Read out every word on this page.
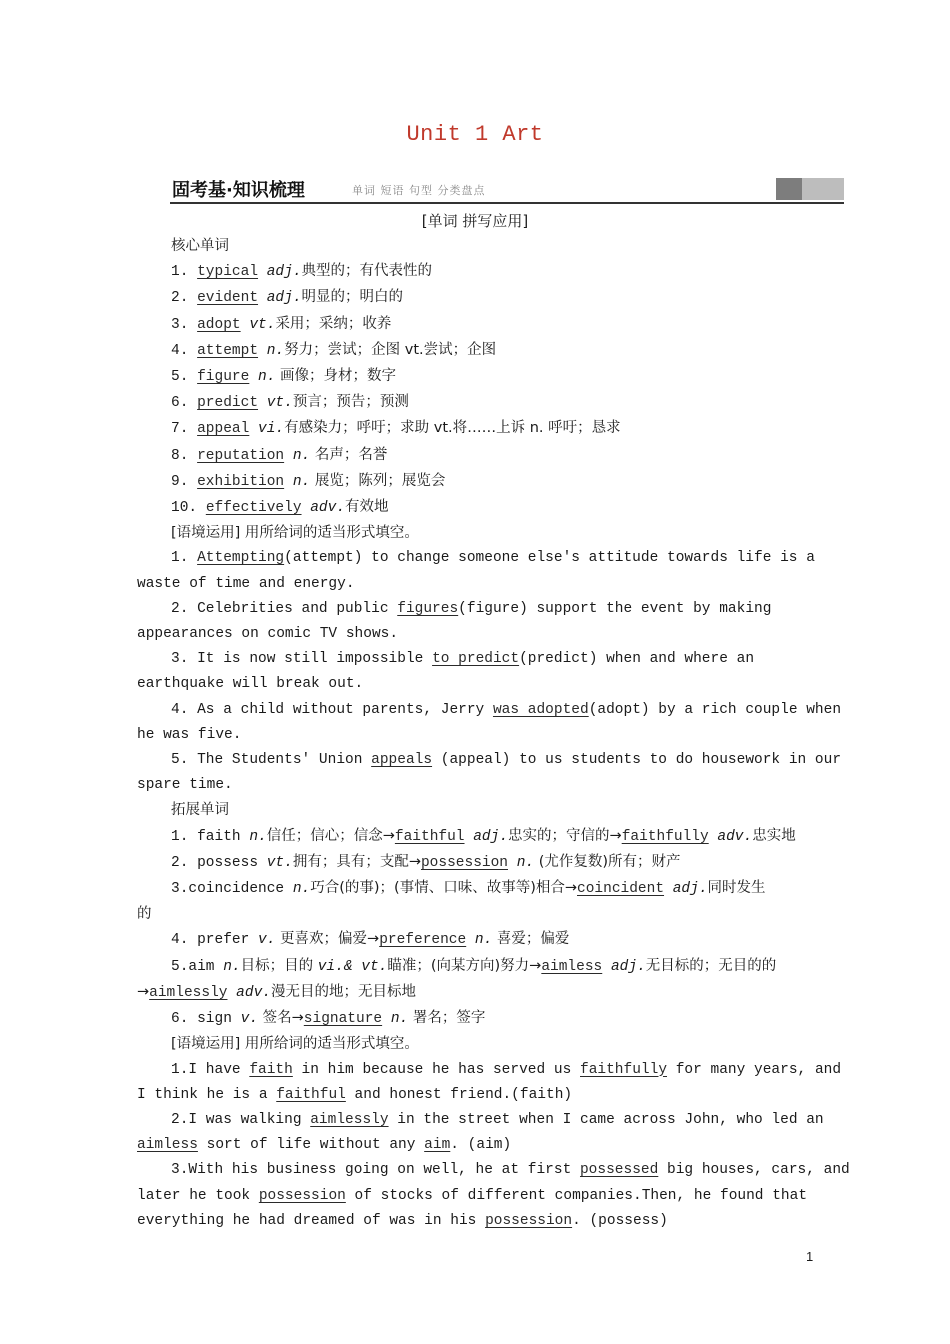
Unit 1 Art
固考基·知识梳理	单词 短语 句型 分类盘点
[单词 拼写应用]
核心单词
1. typical adj.典型的；有代表性的
2. evident adj.明显的；明白的
3. adopt vt.采用；采纳；收养
4. attempt n.努力；尝试；企图 vt.尝试；企图
5. figure n. 画像；身材；数字
6. predict vt.预言；预告；预测
7. appeal vi.有感染力；呼吁；求助 vt.将……上诉 n. 呼吁；恳求
8. reputation n. 名声；名誉
9. exhibition n. 展览；陈列；展览会
10. effectively adv.有效地
[语境运用] 用所给词的适当形式填空。
1. Attempting(attempt) to change someone else's attitude towards life is a
waste of time and energy.
2. Celebrities and public figures(figure) support the event by making
appearances on comic TV shows.
3. It is now still impossible to predict(predict) when and where an
earthquake will break out.
4. As a child without parents, Jerry was adopted(adopt) by a rich couple when
he was five.
5. The Students' Union appeals (appeal) to us students to do housework in our
spare time.
拓展单词
1. faith n.信任；信心；信念→faithful adj.忠实的；守信的→faithfully adv.忠实地
2. possess vt.拥有；具有；支配→possession n. (尤作复数)所有；财产
3.coincidence n.巧合(的事)；(事情、口味、故事等)相合→coincident adj.同时发生
的
4. prefer v. 更喜欢；偏爱→preference n. 喜爱；偏爱
5.aim n.目标；目的 vi.& vt.瞄准；(向某方向)努力→aimless adj.无目标的；无目的的
→aimlessly adv.漫无目的地；无目标地
6. sign v. 签名→signature n. 署名；签字
[语境运用] 用所给词的适当形式填空。
1.I have faith in him because he has served us faithfully for many years, and
I think he is a faithful and honest friend.(faith)
2.I was walking aimlessly in the street when I came across John, who led an
aimless sort of life without any aim. (aim)
3.With his business going on well, he at first possessed big houses, cars, and
later he took possession of stocks of different companies.Then, he found that
everything he had dreamed of was in his possession. (possess)
1
